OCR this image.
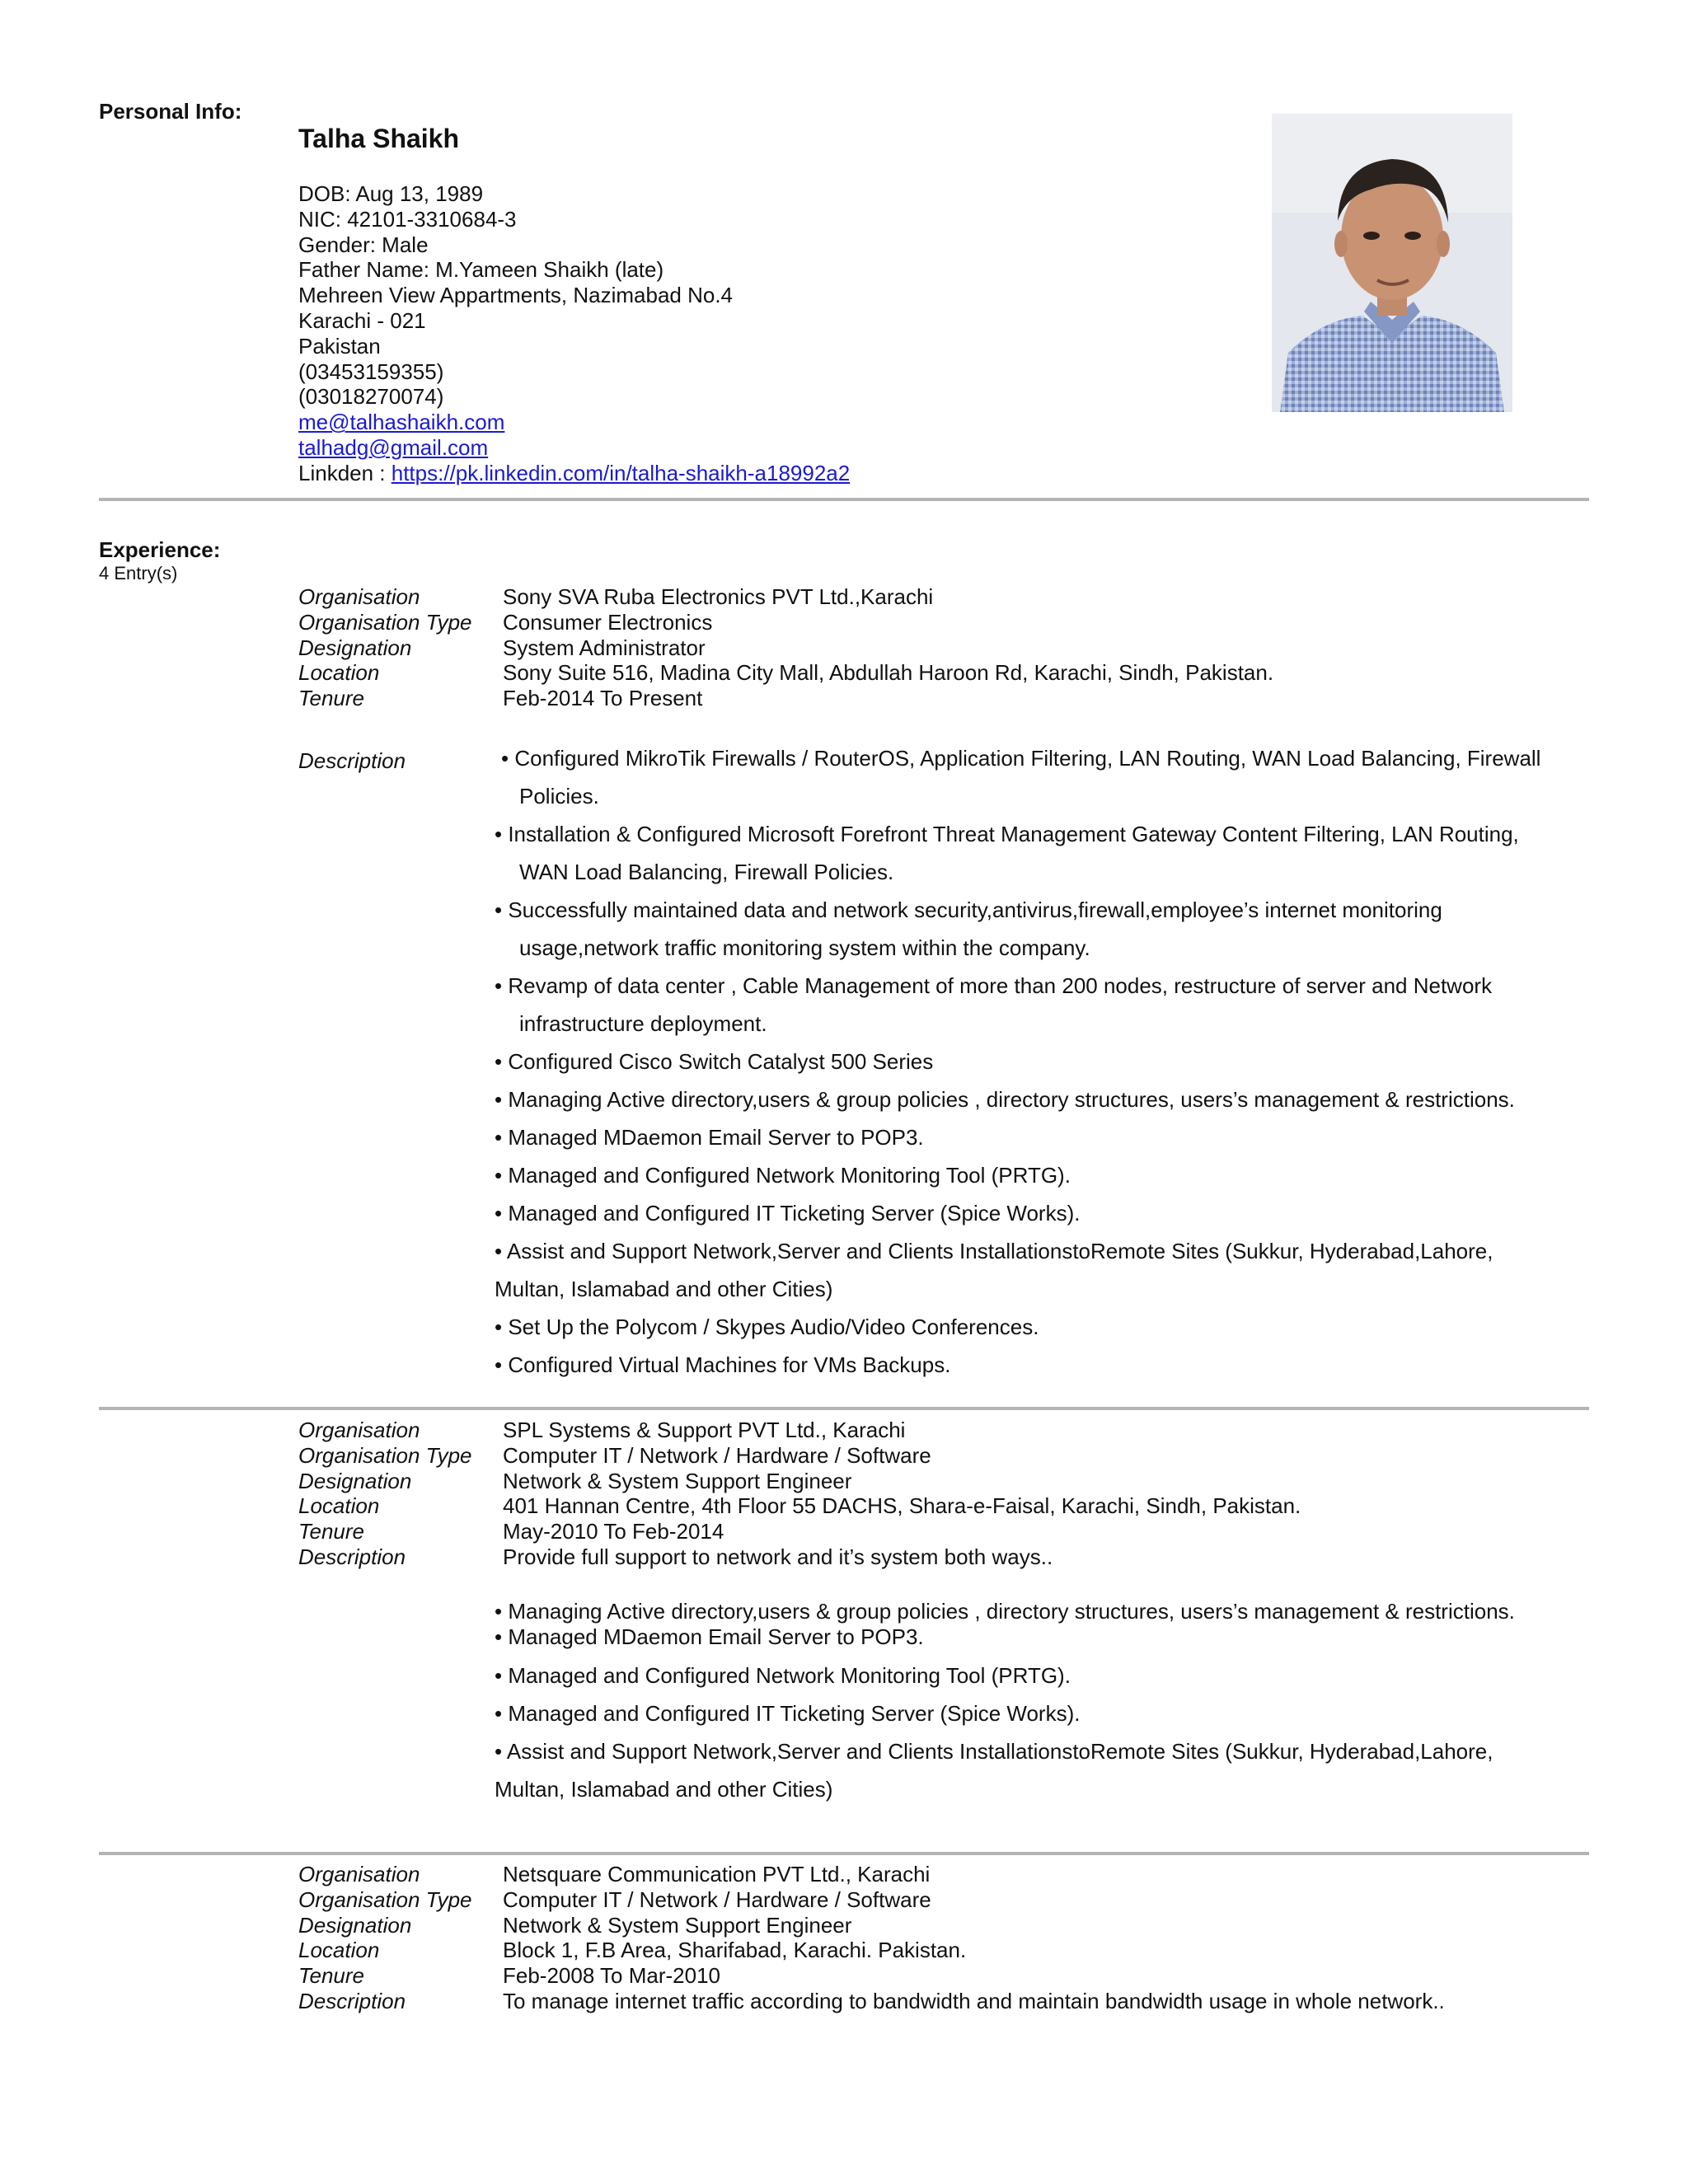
Personal Info:
Talha Shaikh
DOB: Aug 13, 1989
NIC: 42101-3310684-3
Gender: Male
Father Name: M.Yameen Shaikh (late)
Mehreen View Appartments, Nazimabad No.4
Karachi - 021
Pakistan
(03453159355)
(03018270074)
me@talhashaikh.com
talhadg@gmail.com
Linkden : https://pk.linkedin.com/in/talha-shaikh-a18992a2
Experience:
4 Entry(s)
Organisation	Sony SVA Ruba Electronics PVT Ltd.,Karachi
Organisation Type	Consumer Electronics
Designation	System Administrator
Location	Sony Suite 516, Madina City Mall, Abdullah Haroon Rd, Karachi, Sindh, Pakistan.
Tenure	Feb-2014 To Present
Description	• Configured MikroTik Firewalls / RouterOS, Application Filtering, LAN Routing, WAN Load Balancing, Firewall
Policies.
• Installation & Configured Microsoft Forefront Threat Management Gateway Content Filtering, LAN Routing,
WAN Load Balancing, Firewall Policies.
• Successfully maintained data and network security,antivirus,firewall,employee’s internet monitoring
usage,network traffic monitoring system within the company.
• Revamp of data center , Cable Management of more than 200 nodes, restructure of server and Network
infrastructure deployment.
• Configured Cisco Switch Catalyst 500 Series
• Managing Active directory,users & group policies , directory structures, users’s management & restrictions.
• Managed MDaemon Email Server to POP3.
• Managed and Configured Network Monitoring Tool (PRTG).
• Managed and Configured IT Ticketing Server (Spice Works).
• Assist and Support Network,Server and Clients InstallationstoRemote Sites (Sukkur, Hyderabad,Lahore,
Multan, Islamabad and other Cities)
• Set Up the Polycom / Skypes Audio/Video Conferences.
• Configured Virtual Machines for VMs Backups.
Organisation	SPL Systems & Support PVT Ltd., Karachi
Organisation Type	Computer IT / Network / Hardware / Software
Designation	Network & System Support Engineer
Location	401 Hannan Centre, 4th Floor 55 DACHS, Shara-e-Faisal, Karachi, Sindh, Pakistan.
Tenure	May-2010 To Feb-2014
Description	Provide full support to network and it’s system both ways..
• Managing Active directory,users & group policies , directory structures, users’s management & restrictions.
• Managed MDaemon Email Server to POP3.
• Managed and Configured Network Monitoring Tool (PRTG).
• Managed and Configured IT Ticketing Server (Spice Works).
• Assist and Support Network,Server and Clients InstallationstoRemote Sites (Sukkur, Hyderabad,Lahore,
Multan, Islamabad and other Cities)
Organisation	Netsquare Communication PVT Ltd., Karachi
Organisation Type	Computer IT / Network / Hardware / Software
Designation	Network & System Support Engineer
Location	Block 1, F.B Area, Sharifabad, Karachi. Pakistan.
Tenure	Feb-2008 To Mar-2010
Description	To manage internet traffic according to bandwidth and maintain bandwidth usage in whole network..
